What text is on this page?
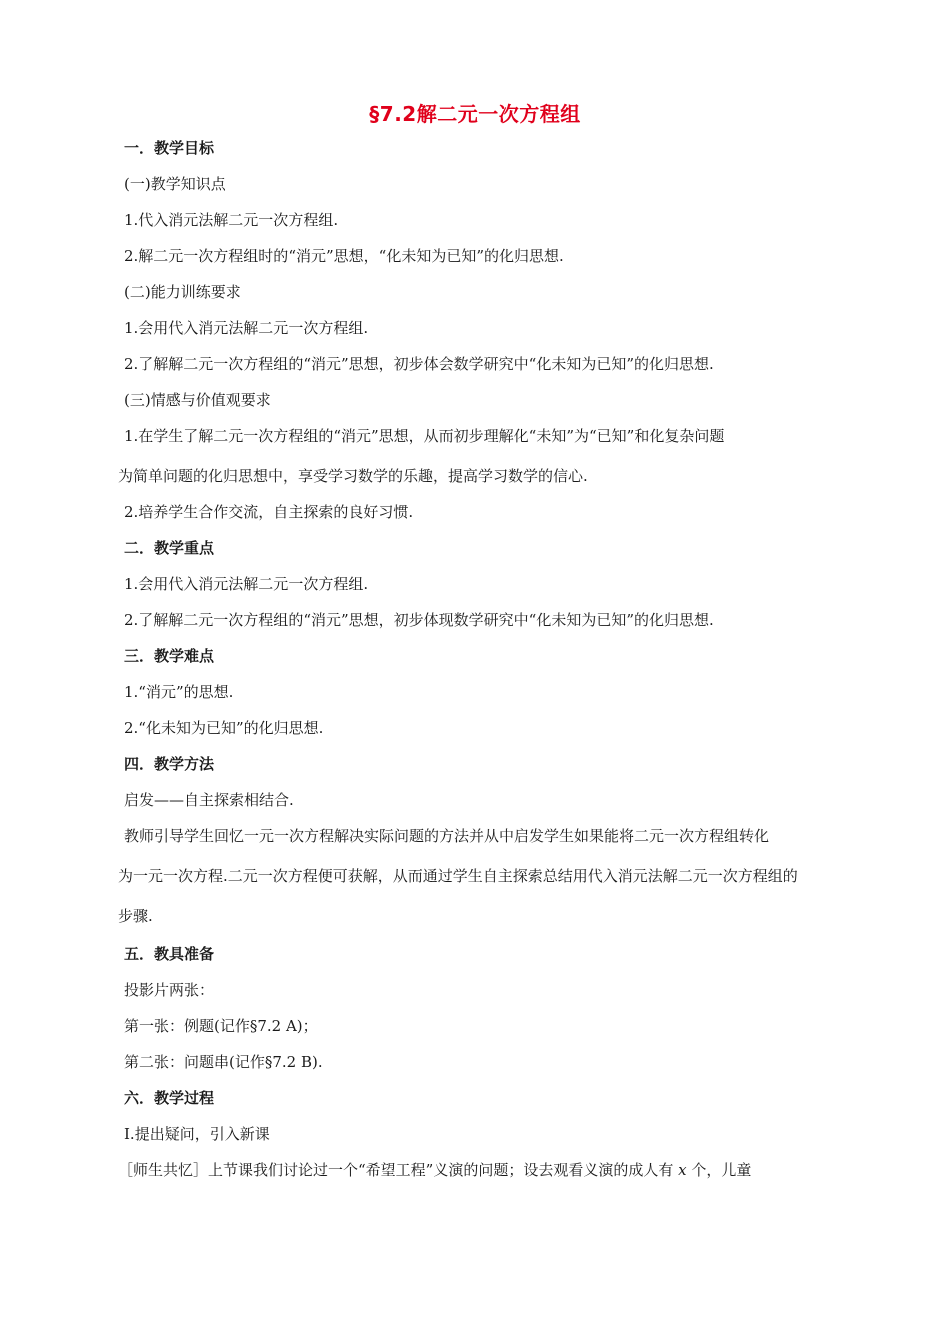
§7.2解二元一次方程组
一．教学目标
(一)教学知识点
1.代入消元法解二元一次方程组.
2.解二元一次方程组时的“消元”思想，“化未知为已知”的化归思想.
(二)能力训练要求
1.会用代入消元法解二元一次方程组.
2.了解解二元一次方程组的“消元”思想，初步体会数学研究中“化未知为已知”的化归思想.
(三)情感与价值观要求
1.在学生了解二元一次方程组的“消元”思想，从而初步理解化“未知”为“已知”和化复杂问题
为简单问题的化归思想中，享受学习数学的乐趣，提高学习数学的信心.
2.培养学生合作交流，自主探索的良好习惯.
二．教学重点
1.会用代入消元法解二元一次方程组.
2.了解解二元一次方程组的“消元”思想，初步体现数学研究中“化未知为已知”的化归思想.
三．教学难点
1.“消元”的思想.
2.“化未知为已知”的化归思想.
四．教学方法
启发——自主探索相结合.
教师引导学生回忆一元一次方程解决实际问题的方法并从中启发学生如果能将二元一次方程组转化
为一元一次方程.二元一次方程便可获解，从而通过学生自主探索总结用代入消元法解二元一次方程组的
步骤.
五．教具准备
投影片两张：
第一张：例题(记作§7.2 A)；
第二张：问题串(记作§7.2 B).
六．教学过程
Ⅰ.提出疑问，引入新课
［师生共忆］上节课我们讨论过一个“希望工程”义演的问题；设去观看义演的成人有 x 个，儿童
